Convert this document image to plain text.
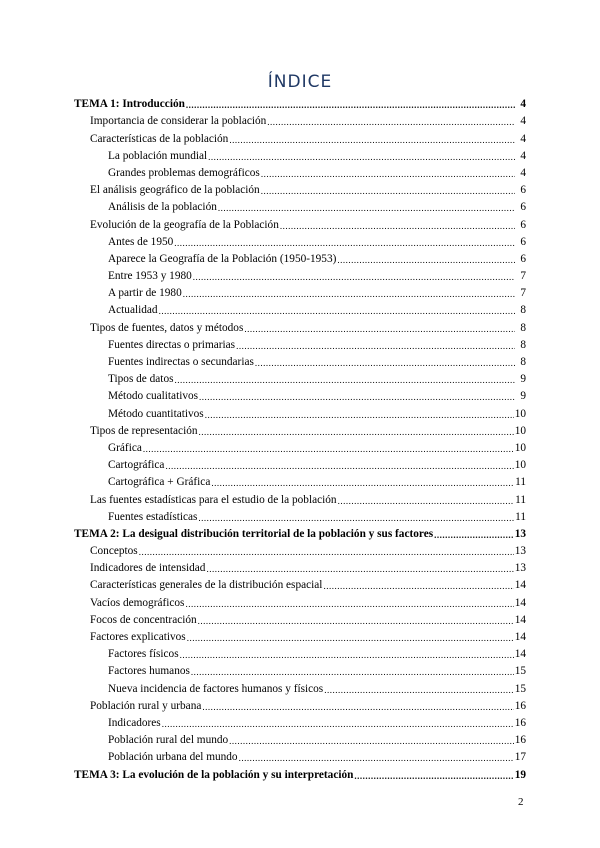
ÍNDICE
TEMA 1: Introducción .....	4
Importancia de considerar la población .....	4
Características de la población .....	4
La población mundial .....	4
Grandes problemas demográficos .....	4
El análisis geográfico de la población .....	6
Análisis de la población .....	6
Evolución de la geografía de la Población .....	6
Antes de 1950 .....	6
Aparece la Geografía de la Población (1950-1953) .....	6
Entre 1953 y 1980 .....	7
A partir de 1980 .....	7
Actualidad .....	8
Tipos de fuentes, datos y métodos .....	8
Fuentes directas o primarias .....	8
Fuentes indirectas o secundarias .....	8
Tipos de datos .....	9
Método cualitativos .....	9
Método cuantitativos .....	10
Tipos de representación .....	10
Gráfica .....	10
Cartográfica .....	10
Cartográfica + Gráfica .....	11
Las fuentes estadísticas para el estudio de la población .....	11
Fuentes estadísticas .....	11
TEMA 2: La desigual distribución territorial de la población y sus factores .....	13
Conceptos .....	13
Indicadores de intensidad .....	13
Características generales de la distribución espacial .....	14
Vacíos demográficos .....	14
Focos de concentración .....	14
Factores explicativos .....	14
Factores físicos .....	14
Factores humanos .....	15
Nueva incidencia de factores humanos y físicos .....	15
Población rural y urbana .....	16
Indicadores .....	16
Población rural del mundo .....	16
Población urbana del mundo .....	17
TEMA 3: La evolución de la población y su interpretación .....	19
2
